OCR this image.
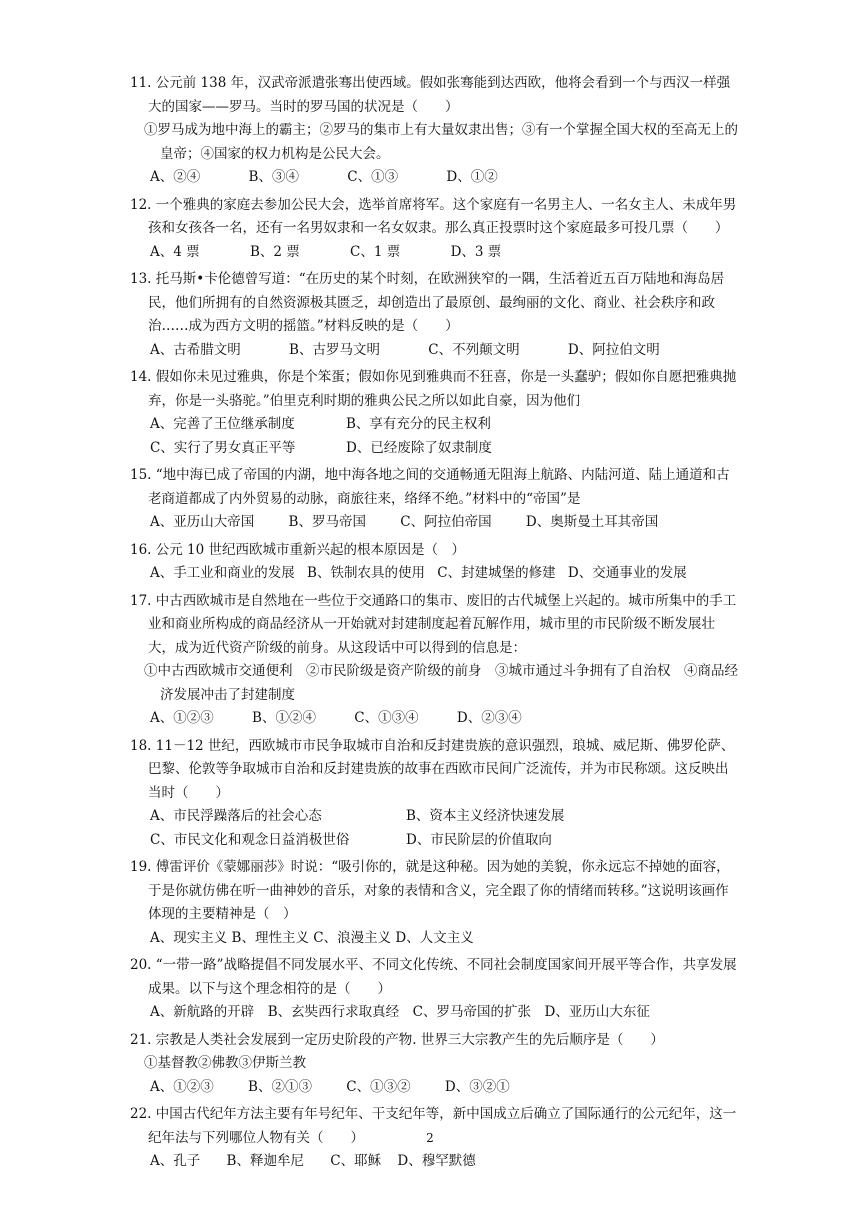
11. 公元前 138 年，汉武帝派遣张骞出使西域。假如张骞能到达西欧，他将会看到一个与西汉一样强大的国家——罗马。当时的罗马国的状况是（　　）
①罗马成为地中海上的霸主；②罗马的集市上有大量奴隶出售；③有一个掌握全国大权的至高无上的皇帝；④国家的权力机构是公民大会。
A、②④	B、③④	C、①③	D、①②
12. 一个雅典的家庭去参加公民大会，选举首席将军。这个家庭有一名男主人、一名女主人、未成年男孩和女孩各一名，还有一名男奴隶和一名女奴隶。那么真正投票时这个家庭最多可投几票（　　）
A、4 票	B、2 票	C、1 票	D、3 票
13. 托马斯•卡伦德曾写道：“在历史的某个时刻，在欧洲狭窄的一隅，生活着近五百万陆地和海岛居民，他们所拥有的自然资源极其匮乏，却创造出了最原创、最绚丽的文化、商业、社会秩序和政治……成为西方文明的摇篮。”材料反映的是（　　）
A、古希腊文明	B、古罗马文明	C、不列颠文明	D、阿拉伯文明
14. 假如你未见过雅典，你是个笨蛋；假如你见到雅典而不狂喜，你是一头蠢驴；假如你自愿把雅典抛弃，你是一头骆驼。”伯里克利时期的雅典公民之所以如此自豪，因为他们
A、完善了王位继承制度	B、享有充分的民主权利
C、实行了男女真正平等	D、已经废除了奴隶制度
15. “地中海已成了帝国的内湖，地中海各地之间的交通畅通无阻海上航路、内陆河道、陆上通道和古老商道都成了内外贸易的动脉，商旅往来，络绎不绝。”材料中的“帝国”是
A、亚历山大帝国	B、罗马帝国	C、阿拉伯帝国	D、奥斯曼土耳其帝国
16. 公元 10 世纪西欧城市重新兴起的根本原因是（　）
A、手工业和商业的发展 B、铁制农具的使用 C、封建城堡的修建 D、交通事业的发展
17. 中古西欧城市是自然地在一些位于交通路口的集市、废旧的古代城堡上兴起的。城市所集中的手工业和商业所构成的商品经济从一开始就对封建制度起着瓦解作用，城市里的市民阶级不断发展壮大，成为近代资产阶级的前身。从这段话中可以得到的信息是：
①中古西欧城市交通便利　②市民阶级是资产阶级的前身　③城市通过斗争拥有了自治权　④商品经济发展冲击了封建制度
A、①②③	B、①②④	C、①③④	D、②③④
18. 11－12 世纪，西欧城市市民争取城市自治和反封建贵族的意识强烈，琅城、威尼斯、佛罗伦萨、巴黎、伦敦等争取城市自治和反封建贵族的故事在西欧市民间广泛流传，并为市民称颂。这反映出当时（　　）
A、市民浮躁落后的社会心态	B、资本主义经济快速发展
C、市民文化和观念日益消极世俗	D、市民阶层的价值取向
19. 傅雷评价《蒙娜丽莎》时说：“吸引你的，就是这种秘。因为她的美貌，你永远忘不掉她的面容，于是你就仿佛在听一曲神妙的音乐，对象的表情和含义，完全跟了你的情绪而转移。”这说明该画作体现的主要精神是（　）
A、现实主义 B、理性主义 C、浪漫主义 D、人文主义
20. “一带一路”战略提倡不同发展水平、不同文化传统、不同社会制度国家间开展平等合作，共享发展成果。以下与这个理念相符的是（　　）
A、新航路的开辟　B、玄奘西行求取真经　C、罗马帝国的扩张　D、亚历山大东征
21. 宗教是人类社会发展到一定历史阶段的产物. 世界三大宗教产生的先后顺序是（　　）
①基督教②佛教③伊斯兰教
A、①②③	B、②①③	C、①③②	D、③②①
22. 中国古代纪年方法主要有年号纪年、干支纪年等，新中国成立后确立了国际通行的公元纪年，这一纪年法与下列哪位人物有关（　　）
A、孔子 B、释迦牟尼 C、耶稣 D、穆罕默德
2
